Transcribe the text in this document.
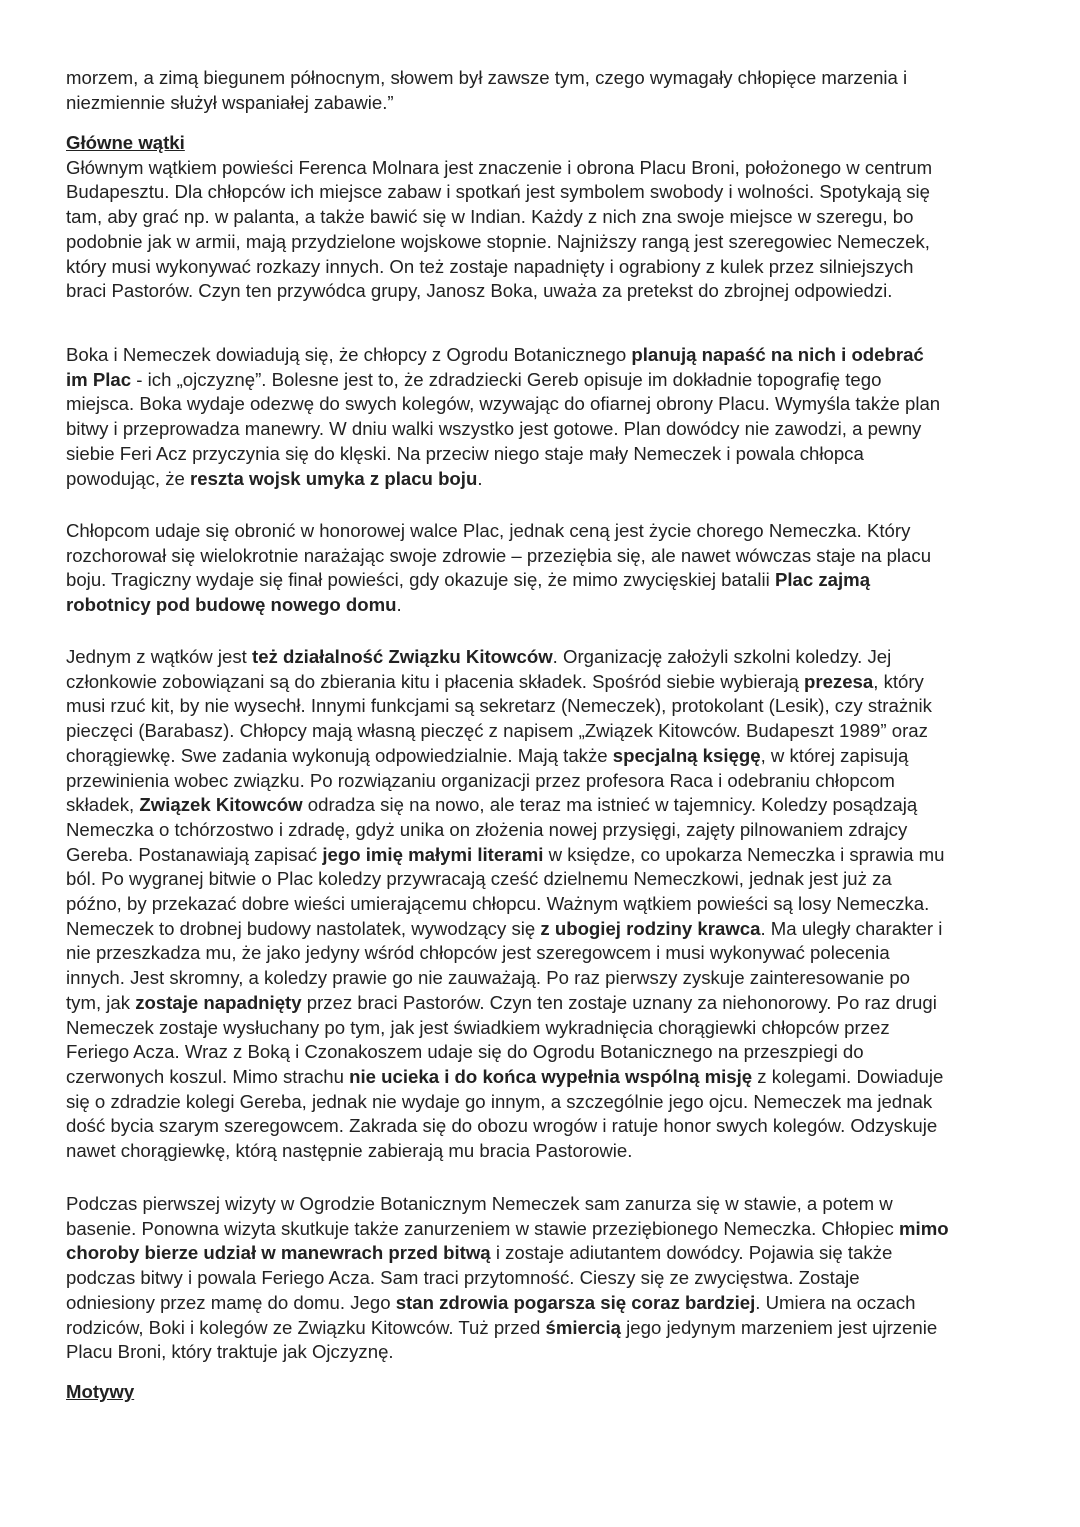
morzem, a zimą biegunem północnym, słowem był zawsze tym, czego wymagały chłopięce marzenia i
niezmiennie służył wspaniałej zabawie.”

Główne wątki
Głównym wątkiem powieści Ferenca Molnara jest znaczenie i obrona Placu Broni, położonego w centrum
Budapesztu. Dla chłopców ich miejsce zabaw i spotkań jest symbolem swobody i wolności. Spotykają się
tam, aby grać np. w palanta, a także bawić się w Indian. Każdy z nich zna swoje miejsce w szeregu, bo
podobnie jak w armii, mają przydzielone wojskowe stopnie. Najniższy rangą jest szeregowiec Nemeczek,
który musi wykonywać rozkazy innych. On też zostaje napadnięty i ograbiony z kulek przez silniejszych
braci Pastorów. Czyn ten przywódca grupy, Janosz Boka, uważa za pretekst do zbrojnej odpowiedzi.

Boka i Nemeczek dowiadują się, że chłopcy z Ogrodu Botanicznego planują napaść na nich i odebrać
im Plac - ich „ojczyznę”. Bolesne jest to, że zdradziecki Gereb opisuje im dokładnie topografię tego
miejsca. Boka wydaje odezwę do swych kolegów, wzywając do ofiarnej obrony Placu. Wymyśla także plan
bitwy i przeprowadza manewry. W dniu walki wszystko jest gotowe. Plan dowódcy nie zawodzi, a pewny
siebie Feri Acz przyczynia się do klęski. Na przeciw niego staje mały Nemeczek i powala chłopca
powodując, że reszta wojsk umyka z placu boju.

Chłopcom udaje się obronić w honorowej walce Plac, jednak ceną jest życie chorego Nemeczka. Który
rozchorował się wielokrotnie narażając swoje zdrowie – przeziębia się, ale nawet wówczas staje na placu
boju. Tragiczny wydaje się finał powieści, gdy okazuje się, że mimo zwycięskiej batalii Plac zajmą
robotnicy pod budowę nowego domu.

Jednym z wątków jest też działalność Związku Kitowców. Organizację założyli szkolni koledzy. Jej
członkowie zobowiązani są do zbierania kitu i płacenia składek. Spośród siebie wybierają prezesa, który
musi rzuć kit, by nie wysechł. Innymi funkcjami są sekretarz (Nemeczek), protokolant (Lesik), czy strażnik
pieczęci (Barabasz). Chłopcy mają własną pieczęć z napisem „Związek Kitowców. Budapeszt 1989” oraz
chorągiewkę. Swe zadania wykonują odpowiedzialnie. Mają także specjalną księgę, w której zapisują
przewinienia wobec związku. Po rozwiązaniu organizacji przez profesora Raca i odebraniu chłopcom
składek, Związek Kitowców odradza się na nowo, ale teraz ma istnieć w tajemnicy. Koledzy posądzają
Nemeczka o tchórzostwo i zdradę, gdyż unika on złożenia nowej przysięgi, zajęty pilnowaniem zdrajcy
Gereba. Postanawiają zapisać jego imię małymi literami w księdze, co upokarza Nemeczka i sprawia mu
ból. Po wygranej bitwie o Plac koledzy przywracają cześć dzielnemu Nemeczkowi, jednak jest już za
późno, by przekazać dobre wieści umierającemu chłopcu. Ważnym wątkiem powieści są losy Nemeczka.
Nemeczek to drobnej budowy nastolatek, wywodzący się z ubogiej rodziny krawca. Ma uległy charakter i
nie przeszkadza mu, że jako jedyny wśród chłopców jest szeregowcem i musi wykonywać polecenia
innych. Jest skromny, a koledzy prawie go nie zauważają. Po raz pierwszy zyskuje zainteresowanie po
tym, jak zostaje napadnięty przez braci Pastorów. Czyn ten zostaje uznany za niehonorowy. Po raz drugi
Nemeczek zostaje wysłuchany po tym, jak jest świadkiem wykradnięcia chorągiewki chłopców przez
Feriego Acza. Wraz z Boką i Czonakoszem udaje się do Ogrodu Botanicznego na przeszpiegi do
czerwonych koszul. Mimo strachu nie ucieka i do końca wypełnia wspólną misję z kolegami. Dowiaduje
się o zdradzie kolegi Gereba, jednak nie wydaje go innym, a szczególnie jego ojcu. Nemeczek ma jednak
dość bycia szarym szeregowcem. Zakrada się do obozu wrogów i ratuje honor swych kolegów. Odzyskuje
nawet chorągiewkę, którą następnie zabierają mu bracia Pastorowie.

Podczas pierwszej wizyty w Ogrodzie Botanicznym Nemeczek sam zanurza się w stawie, a potem w
basenie. Ponowna wizyta skutkuje także zanurzeniem w stawie przeziębionego Nemeczka. Chłopiec mimo
choroby bierze udział w manewrach przed bitwą i zostaje adiutantem dowódcy. Pojawia się także
podczas bitwy i powala Feriego Acza. Sam traci przytomność. Cieszy się ze zwycięstwa. Zostaje
odniesiony przez mamę do domu. Jego stan zdrowia pogarsza się coraz bardziej. Umiera na oczach
rodziców, Boki i kolegów ze Związku Kitowców. Tuż przed śmiercią jego jedynym marzeniem jest ujrzenie
Placu Broni, który traktuje jak Ojczyznę.

Motywy
